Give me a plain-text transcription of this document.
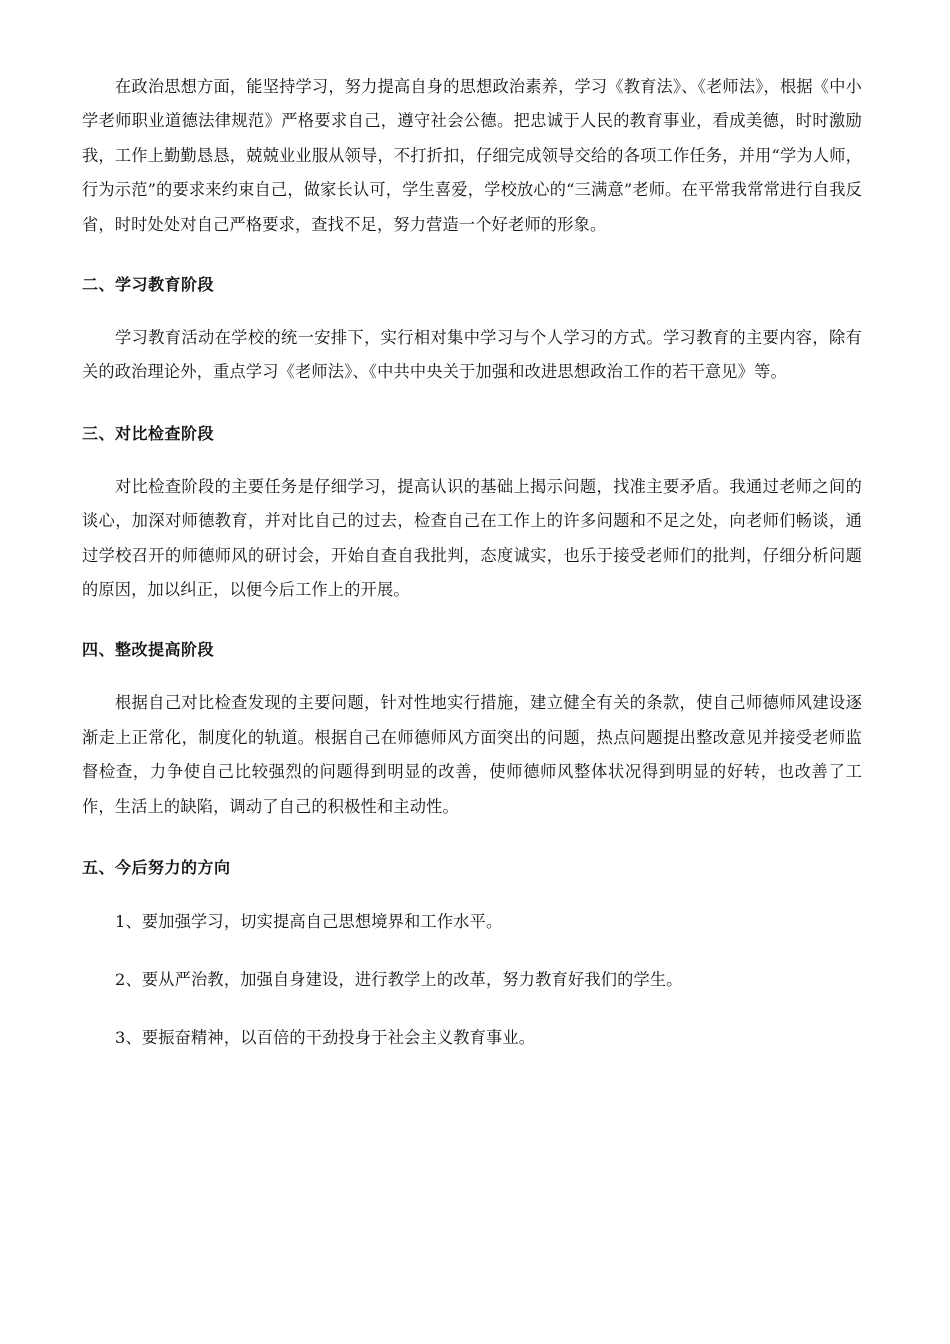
在政治思想方面，能坚持学习，努力提高自身的思想政治素养，学习《教育法》、《老师法》，根据《中小学老师职业道德法律规范》严格要求自己，遵守社会公德。把忠诚于人民的教育事业，看成美德，时时激励我，工作上勤勤恳恳，兢兢业业服从领导，不打折扣，仔细完成领导交给的各项工作任务，并用“学为人师，行为示范”的要求来约束自己，做家长认可，学生喜爱，学校放心的“三满意”老师。在平常我常常进行自我反省，时时处处对自己严格要求，查找不足，努力营造一个好老师的形象。

二、学习教育阶段

学习教育活动在学校的统一安排下，实行相对集中学习与个人学习的方式。学习教育的主要内容，除有关的政治理论外，重点学习《老师法》、《中共中央关于加强和改进思想政治工作的若干意见》等。

三、对比检查阶段

对比检查阶段的主要任务是仔细学习，提高认识的基础上揭示问题，找准主要矛盾。我通过老师之间的谈心，加深对师德教育，并对比自己的过去，检查自己在工作上的许多问题和不足之处，向老师们畅谈，通过学校召开的师德师风的研讨会，开始自查自我批判，态度诚实，也乐于接受老师们的批判，仔细分析问题的原因，加以纠正，以便今后工作上的开展。

四、整改提高阶段

根据自己对比检查发现的主要问题，针对性地实行措施，建立健全有关的条款，使自己师德师风建设逐渐走上正常化，制度化的轨道。根据自己在师德师风方面突出的问题，热点问题提出整改意见并接受老师监督检查，力争使自己比较强烈的问题得到明显的改善，使师德师风整体状况得到明显的好转，也改善了工作，生活上的缺陷，调动了自己的积极性和主动性。

五、今后努力的方向

1、要加强学习，切实提高自己思想境界和工作水平。

2、要从严治教，加强自身建设，进行教学上的改革，努力教育好我们的学生。

3、要振奋精神，以百倍的干劲投身于社会主义教育事业。
